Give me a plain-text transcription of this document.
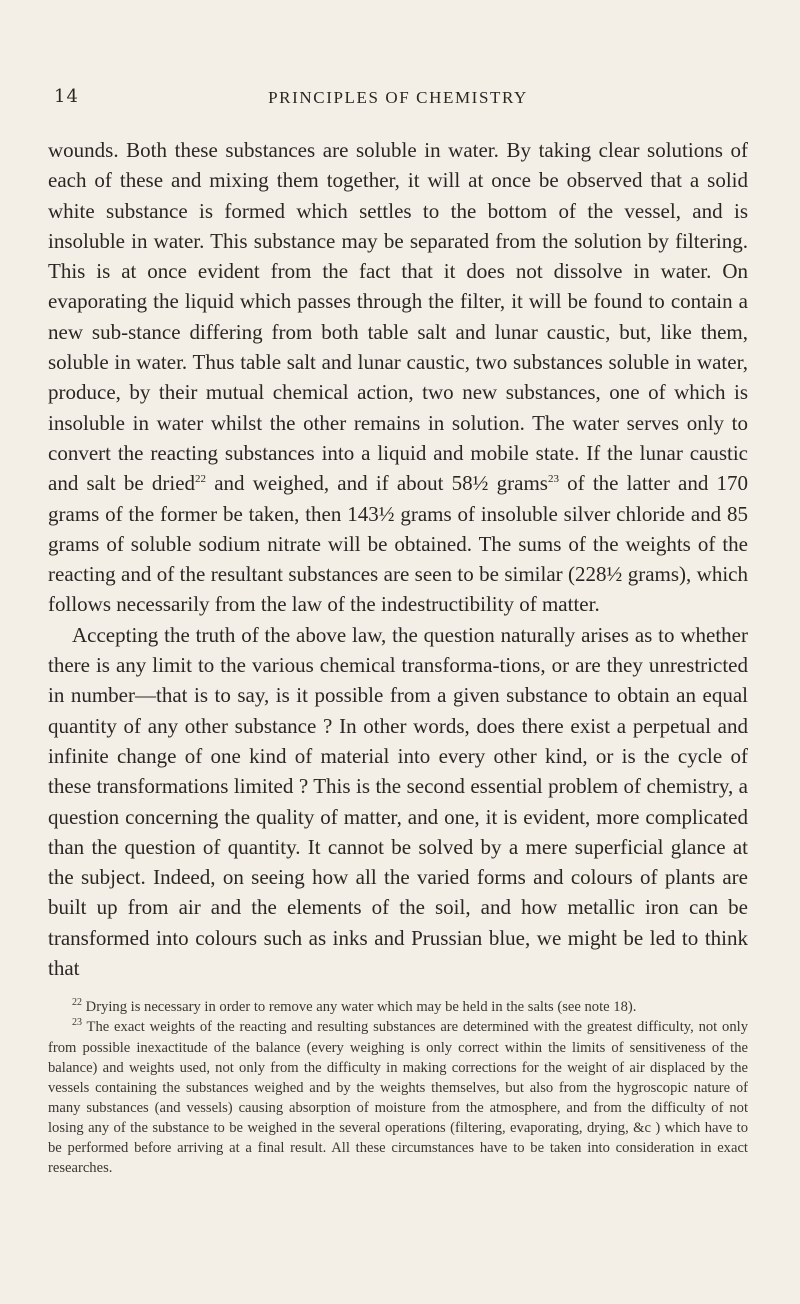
14	PRINCIPLES OF CHEMISTRY

wounds. Both these substances are soluble in water. By taking clear solutions of each of these and mixing them together, it will at once be observed that a solid white substance is formed which settles to the bottom of the vessel, and is insoluble in water. This substance may be separated from the solution by filtering. This is at once evident from the fact that it does not dissolve in water. On evaporating the liquid which passes through the filter, it will be found to contain a new sub-stance differing from both table salt and lunar caustic, but, like them, soluble in water. Thus table salt and lunar caustic, two substances soluble in water, produce, by their mutual chemical action, two new substances, one of which is insoluble in water whilst the other remains in solution. The water serves only to convert the reacting substances into a liquid and mobile state. If the lunar caustic and salt be dried$^{22}$ and weighed, and if about 58½ grams$^{23}$ of the latter and 170 grams of the former be taken, then 143½ grams of insoluble silver chloride and 85 grams of soluble sodium nitrate will be obtained. The sums of the weights of the reacting and of the resultant substances are seen to be similar (228½ grams), which follows necessarily from the law of the indestructibility of matter.

Accepting the truth of the above law, the question naturally arises as to whether there is any limit to the various chemical transforma-tions, or are they unrestricted in number—that is to say, is it possible from a given substance to obtain an equal quantity of any other substance ? In other words, does there exist a perpetual and infinite change of one kind of material into every other kind, or is the cycle of these transformations limited ? This is the second essential problem of chemistry, a question concerning the quality of matter, and one, it is evident, more complicated than the question of quantity. It cannot be solved by a mere superficial glance at the subject. Indeed, on seeing how all the varied forms and colours of plants are built up from air and the elements of the soil, and how metallic iron can be transformed into colours such as inks and Prussian blue, we might be led to think that

$^{22}$ Drying is necessary in order to remove any water which may be held in the salts (see note 18).

$^{23}$ The exact weights of the reacting and resulting substances are determined with the greatest difficulty, not only from possible inexactitude of the balance (every weighing is only correct within the limits of sensitiveness of the balance) and weights used, not only from the difficulty in making corrections for the weight of air displaced by the vessels containing the substances weighed and by the weights themselves, but also from the hygroscopic nature of many substances (and vessels) causing absorption of moisture from the atmosphere, and from the difficulty of not losing any of the substance to be weighed in the several operations (filtering, evaporating, drying, &c ) which have to be performed before arriving at a final result. All these circumstances have to be taken into consideration in exact researches.
